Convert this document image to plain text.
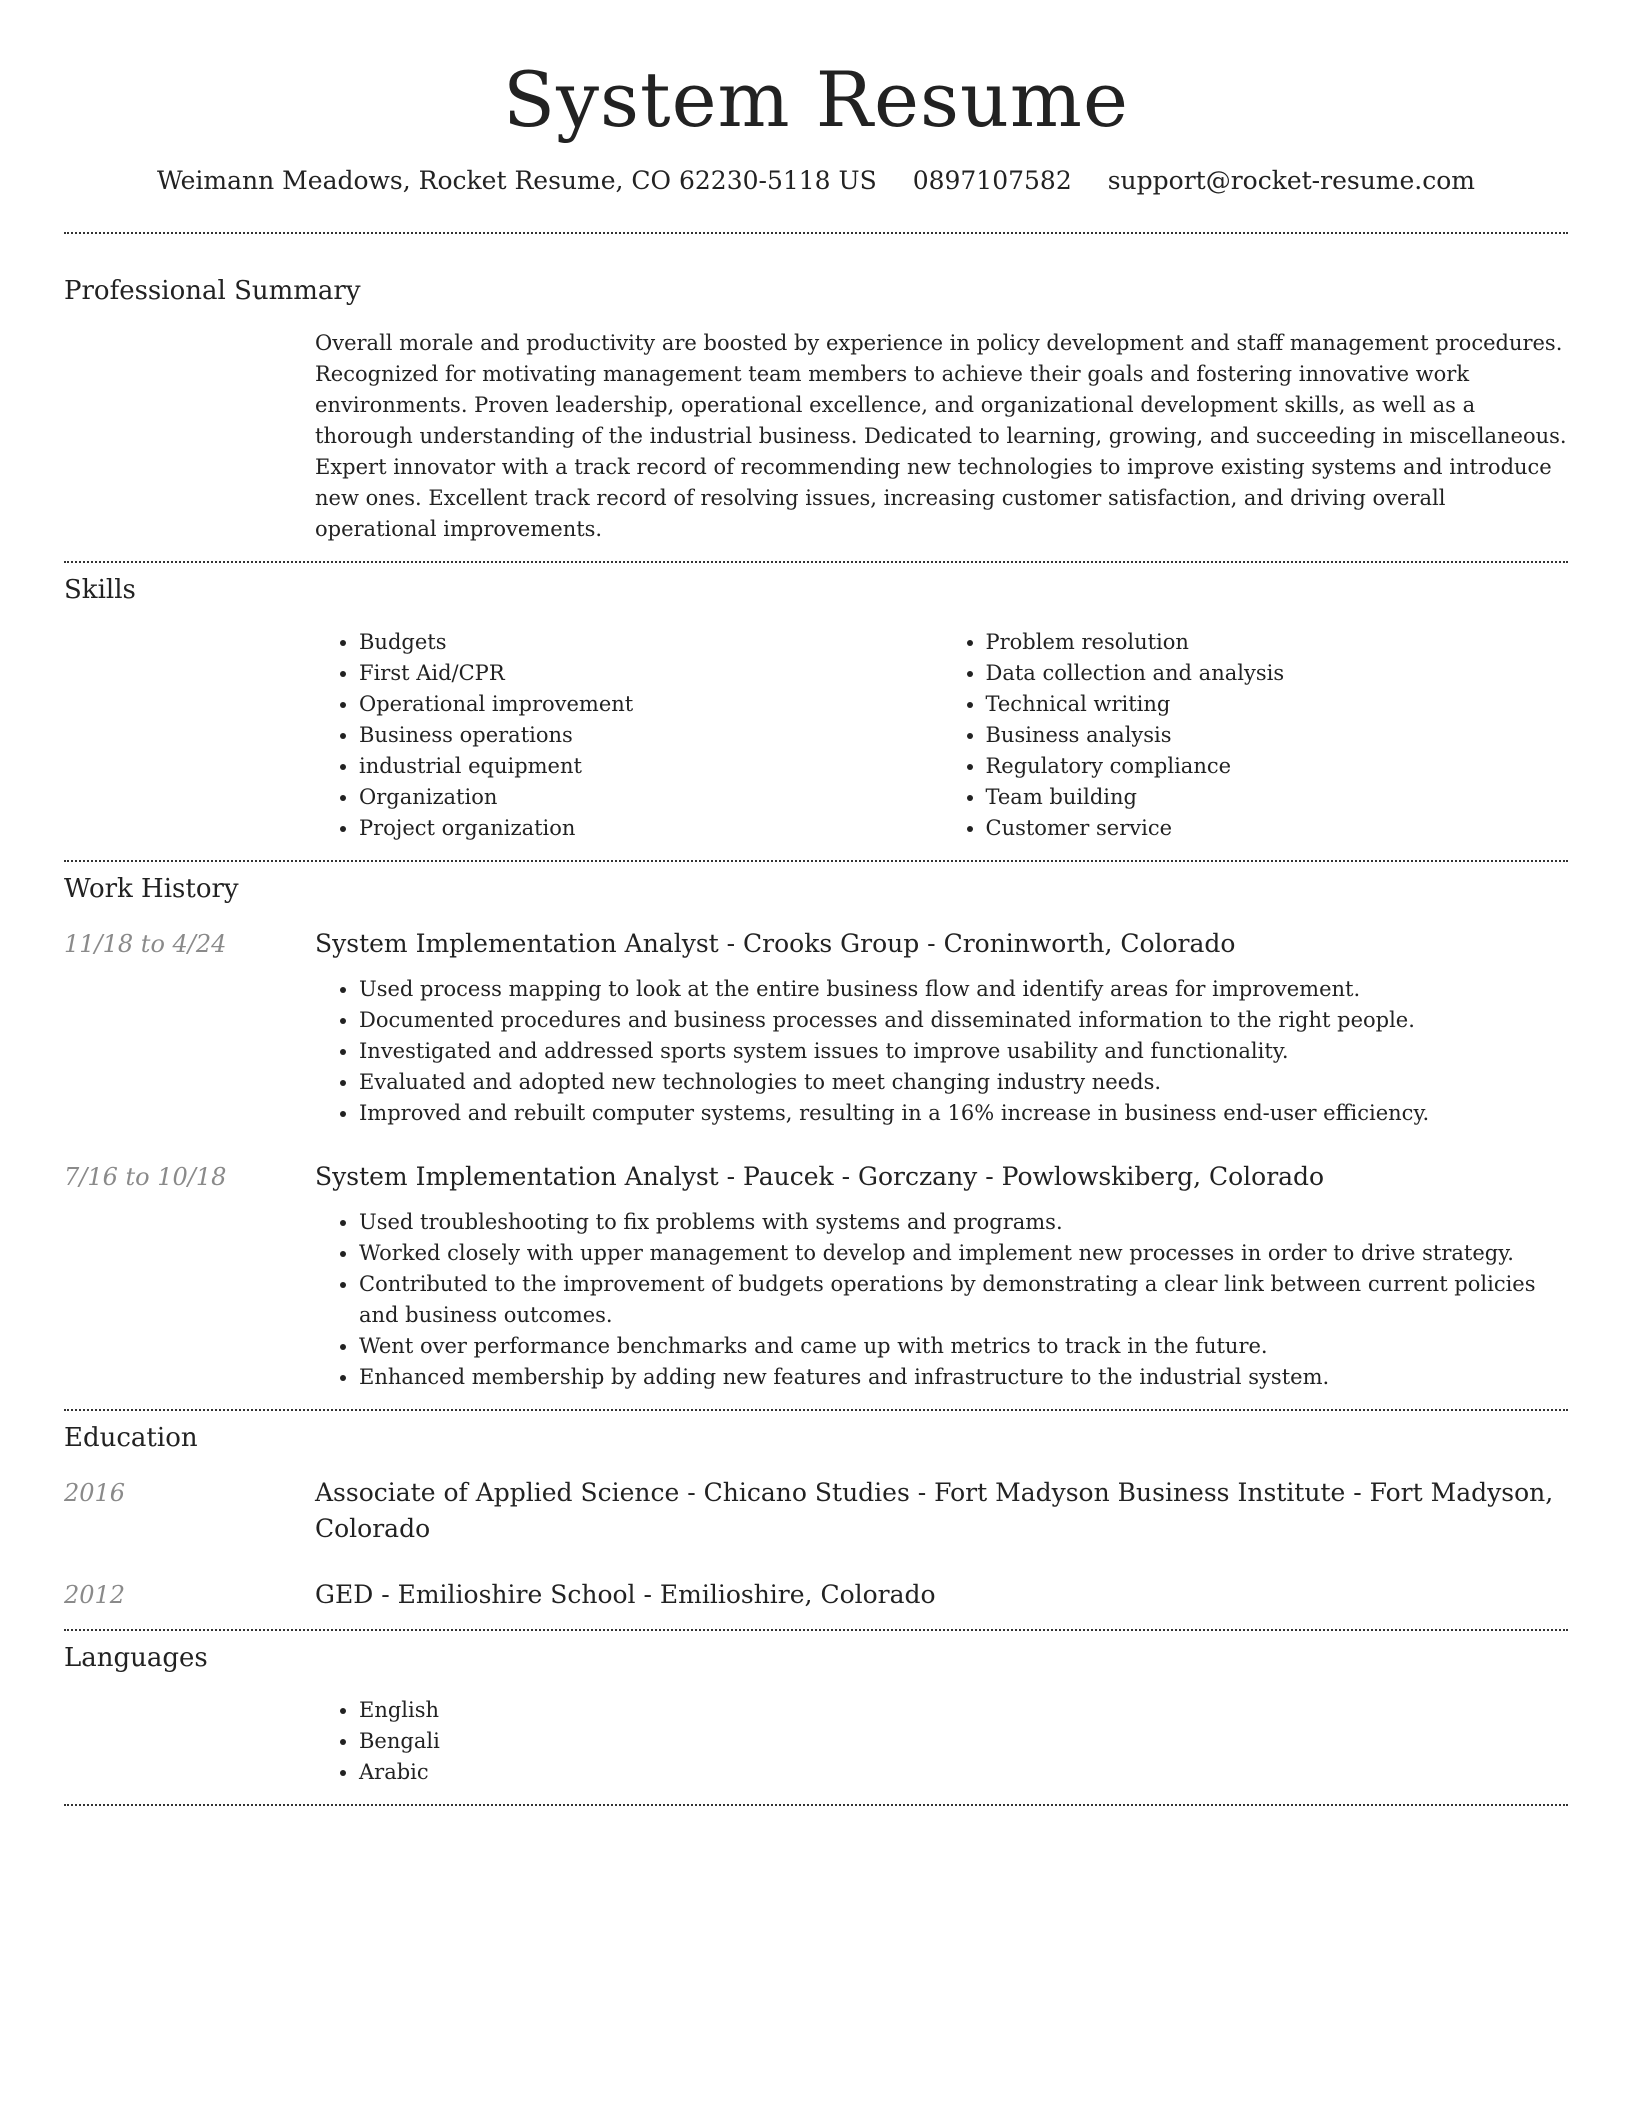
System Resume
Weimann Meadows, Rocket Resume, CO 62230-5118 US 0897107582 support@rocket-resume.com
Professional Summary

Overall morale and productivity are boosted by experience in policy development and staff management procedures. Recognized for motivating management team members to achieve their goals and fostering innovative work environments. Proven leadership, operational excellence, and organizational development skills, as well as a thorough understanding of the industrial business. Dedicated to learning, growing, and succeeding in miscellaneous. Expert innovator with a track record of recommending new technologies to improve existing systems and introduce new ones. Excellent track record of resolving issues, increasing customer satisfaction, and driving overall operational improvements.

Skills
• Budgets
• First Aid/CPR
• Operational improvement
• Business operations
• industrial equipment
• Organization
• Project organization
• Problem resolution
• Data collection and analysis
• Technical writing
• Business analysis
• Regulatory compliance
• Team building
• Customer service
Work History
11/18 to 4/24	System Implementation Analyst - Crooks Group - Croninworth, Colorado
• Used process mapping to look at the entire business flow and identify areas for improvement.
• Documented procedures and business processes and disseminated information to the right people.
• Investigated and addressed sports system issues to improve usability and functionality.
• Evaluated and adopted new technologies to meet changing industry needs.
• Improved and rebuilt computer systems, resulting in a 16% increase in business end-user efficiency.
7/16 to 10/18	System Implementation Analyst - Paucek - Gorczany - Powlowskiberg, Colorado
• Used troubleshooting to fix problems with systems and programs.
• Worked closely with upper management to develop and implement new processes in order to drive strategy.
• Contributed to the improvement of budgets operations by demonstrating a clear link between current policies and business outcomes.
• Went over performance benchmarks and came up with metrics to track in the future.
• Enhanced membership by adding new features and infrastructure to the industrial system.
Education
2016	Associate of Applied Science - Chicano Studies - Fort Madyson Business Institute - Fort Madyson, Colorado
2012	GED - Emilioshire School - Emilioshire, Colorado
Languages
• English
• Bengali
• Arabic
